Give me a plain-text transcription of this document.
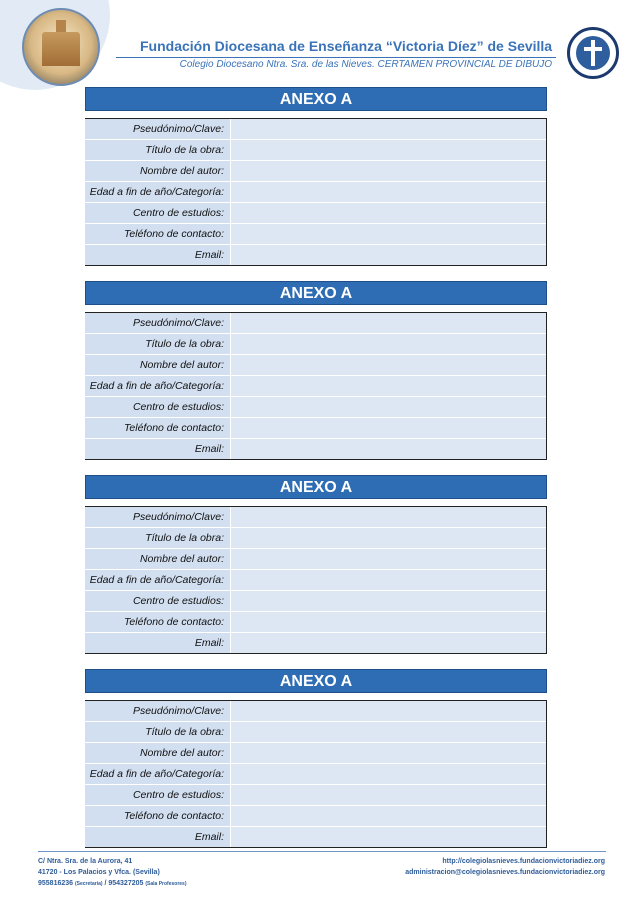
Fundación Diocesana de Enseñanza “Victoria Díez” de Sevilla
Colegio Diocesano Ntra. Sra. de las Nieves. CERTAMEN PROVINCIAL DE DIBUJO
ANEXO A
Pseudónimo/Clave:
Título de la obra:
Nombre del autor:
Edad a fin de año/Categoría:
Centro de estudios:
Teléfono de contacto:
Email:
ANEXO A
Pseudónimo/Clave:
Título de la obra:
Nombre del autor:
Edad a fin de año/Categoría:
Centro de estudios:
Teléfono de contacto:
Email:
ANEXO A
Pseudónimo/Clave:
Título de la obra:
Nombre del autor:
Edad a fin de año/Categoría:
Centro de estudios:
Teléfono de contacto:
Email:
ANEXO A
Pseudónimo/Clave:
Título de la obra:
Nombre del autor:
Edad a fin de año/Categoría:
Centro de estudios:
Teléfono de contacto:
Email:
C/ Ntra. Sra. de la Aurora, 41
41720 - Los Palacios y Vfca. (Sevilla)
955816236 (Secretaría) / 954327205 (Sala Profesores)
http://colegiolasnieves.fundacionvictoriadiez.org
administracion@colegiolasnieves.fundacionvictoriadiez.org
